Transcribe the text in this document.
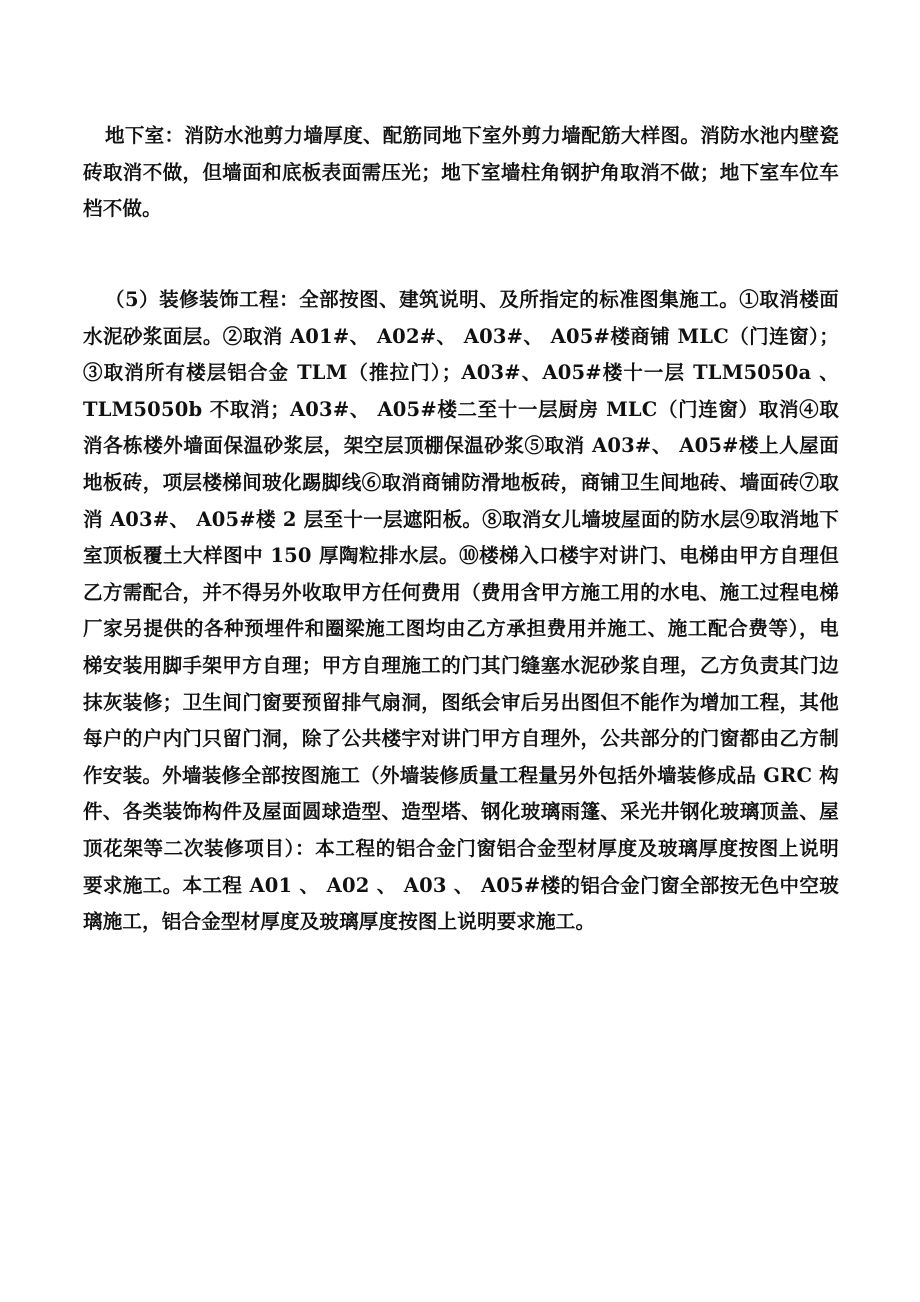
地下室：消防水池剪力墙厚度、配筋同地下室外剪力墙配筋大样图。消防水池内壁瓷砖取消不做，但墙面和底板表面需压光；地下室墙柱角钢护角取消不做；地下室车位车档不做。

（5）装修装饰工程：全部按图、建筑说明、及所指定的标准图集施工。①取消楼面水泥砂浆面层。②取消 A01#、 A02#、 A03#、 A05#楼商铺 MLC（门连窗）；③取消所有楼层铝合金 TLM（推拉门）；A03#、A05#楼十一层 TLM5050a 、 TLM5050b 不取消；A03#、 A05#楼二至十一层厨房 MLC（门连窗）取消④取消各栋楼外墙面保温砂浆层，架空层顶棚保温砂浆⑤取消 A03#、 A05#楼上人屋面地板砖，项层楼梯间玻化踢脚线⑥取消商铺防滑地板砖，商铺卫生间地砖、墙面砖⑦取消 A03#、 A05#楼 2 层至十一层遮阳板。⑧取消女儿墙坡屋面的防水层⑨取消地下室顶板覆土大样图中 150 厚陶粒排水层。⑩楼梯入口楼宇对讲门、电梯由甲方自理但乙方需配合，并不得另外收取甲方任何费用（费用含甲方施工用的水电、施工过程电梯厂家另提供的各种预埋件和圈梁施工图均由乙方承担费用并施工、施工配合费等），电梯安装用脚手架甲方自理；甲方自理施工的门其门缝塞水泥砂浆自理，乙方负责其门边抹灰装修；卫生间门窗要预留排气扇洞，图纸会审后另出图但不能作为增加工程，其他每户的户内门只留门洞，除了公共楼宇对讲门甲方自理外，公共部分的门窗都由乙方制作安装。外墙装修全部按图施工（外墙装修质量工程量另外包括外墙装修成品 GRC 构件、各类装饰构件及屋面圆球造型、造型塔、钢化玻璃雨篷、采光井钢化玻璃顶盖、屋顶花架等二次装修项目）：本工程的铝合金门窗铝合金型材厚度及玻璃厚度按图上说明要求施工。本工程 A01 、 A02 、 A03 、 A05#楼的铝合金门窗全部按无色中空玻璃施工，铝合金型材厚度及玻璃厚度按图上说明要求施工。
